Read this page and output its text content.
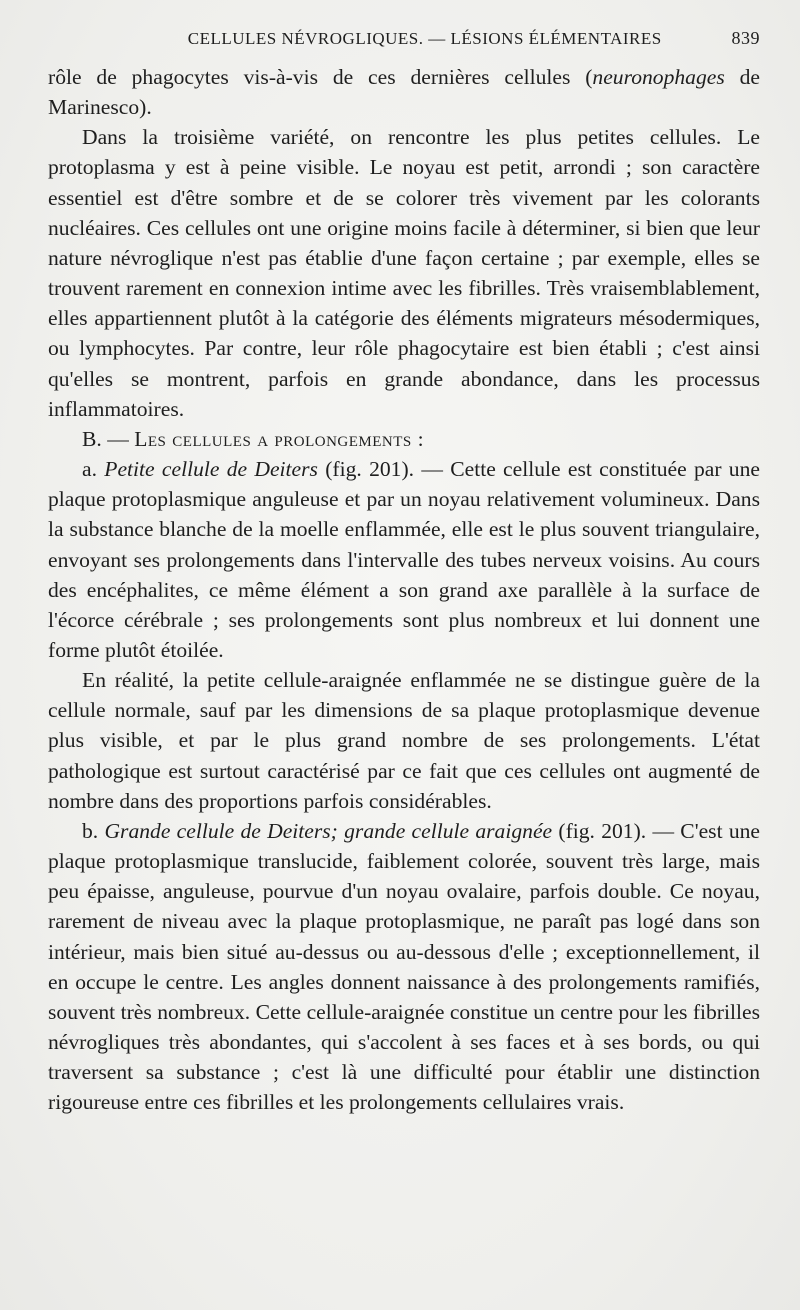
CELLULES NÉVROGLIQUES. — LÉSIONS ÉLÉMENTAIRES	839

rôle de phagocytes vis-à-vis de ces dernières cellules (neuronophages de Marinesco).

Dans la troisième variété, on rencontre les plus petites cellules. Le protoplasma y est à peine visible. Le noyau est petit, arrondi ; son caractère essentiel est d'être sombre et de se colorer très vivement par les colorants nucléaires. Ces cellules ont une origine moins facile à déterminer, si bien que leur nature névroglique n'est pas établie d'une façon certaine ; par exemple, elles se trouvent rarement en connexion intime avec les fibrilles. Très vraisemblablement, elles appartiennent plutôt à la catégorie des éléments migrateurs mésodermiques, ou lymphocytes. Par contre, leur rôle phagocytaire est bien établi ; c'est ainsi qu'elles se montrent, parfois en grande abondance, dans les processus inflammatoires.

B. — Les cellules a prolongements :

a. Petite cellule de Deiters (fig. 201). — Cette cellule est constituée par une plaque protoplasmique anguleuse et par un noyau relativement volumineux. Dans la substance blanche de la moelle enflammée, elle est le plus souvent triangulaire, envoyant ses prolongements dans l'intervalle des tubes nerveux voisins. Au cours des encéphalites, ce même élément a son grand axe parallèle à la surface de l'écorce cérébrale ; ses prolongements sont plus nombreux et lui donnent une forme plutôt étoilée.

En réalité, la petite cellule-araignée enflammée ne se distingue guère de la cellule normale, sauf par les dimensions de sa plaque protoplasmique devenue plus visible, et par le plus grand nombre de ses prolongements. L'état pathologique est surtout caractérisé par ce fait que ces cellules ont augmenté de nombre dans des proportions parfois considérables.

b. Grande cellule de Deiters; grande cellule araignée (fig. 201). — C'est une plaque protoplasmique translucide, faiblement colorée, souvent très large, mais peu épaisse, anguleuse, pourvue d'un noyau ovalaire, parfois double. Ce noyau, rarement de niveau avec la plaque protoplasmique, ne paraît pas logé dans son intérieur, mais bien situé au-dessus ou au-dessous d'elle ; exceptionnellement, il en occupe le centre. Les angles donnent naissance à des prolongements ramifiés, souvent très nombreux. Cette cellule-araignée constitue un centre pour les fibrilles névrogliques très abondantes, qui s'accolent à ses faces et à ses bords, ou qui traversent sa substance ; c'est là une difficulté pour établir une distinction rigoureuse entre ces fibrilles et les prolongements cellulaires vrais.
